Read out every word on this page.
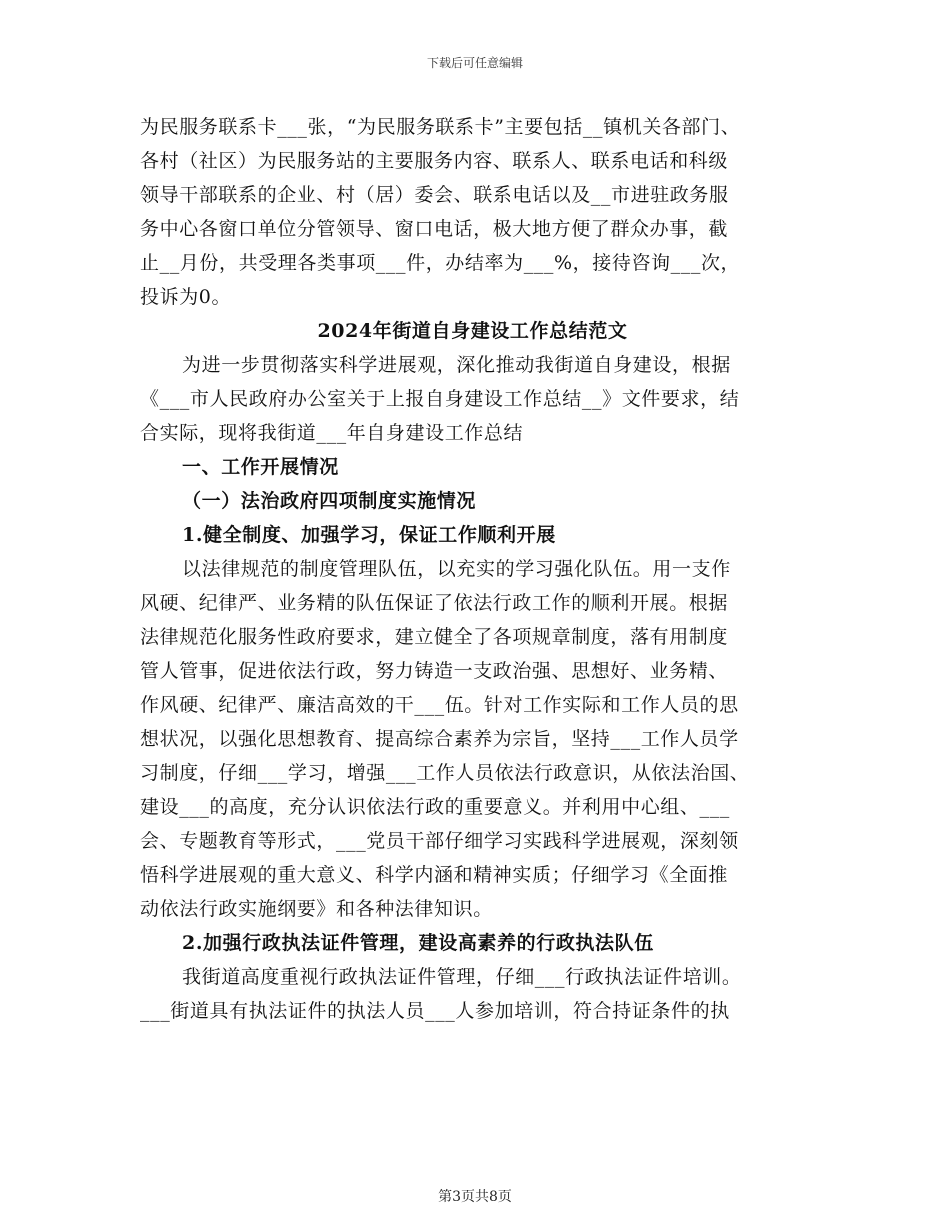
下载后可任意编辑
为民服务联系卡___张，“为民服务联系卡”主要包括__镇机关各部门、
各村（社区）为民服务站的主要服务内容、联系人、联系电话和科级
领导干部联系的企业、村（居）委会、联系电话以及__市进驻政务服
务中心各窗口单位分管领导、窗口电话，极大地方便了群众办事，截
止__月份，共受理各类事项___件，办结率为___%，接待咨询___次，
投诉为0。
2024年街道自身建设工作总结范文
为进一步贯彻落实科学进展观，深化推动我街道自身建设，根据
《___市人民政府办公室关于上报自身建设工作总结__》文件要求，结
合实际，现将我街道___年自身建设工作总结
一、工作开展情况
（一）法治政府四项制度实施情况
1.健全制度、加强学习，保证工作顺利开展
以法律规范的制度管理队伍，以充实的学习强化队伍。用一支作
风硬、纪律严、业务精的队伍保证了依法行政工作的顺利开展。根据
法律规范化服务性政府要求，建立健全了各项规章制度，落有用制度
管人管事，促进依法行政，努力铸造一支政治强、思想好、业务精、
作风硬、纪律严、廉洁高效的干___伍。针对工作实际和工作人员的思
想状况，以强化思想教育、提高综合素养为宗旨，坚持___工作人员学
习制度，仔细___学习，增强___工作人员依法行政意识，从依法治国、
建设___的高度，充分认识依法行政的重要意义。并利用中心组、___
会、专题教育等形式，___党员干部仔细学习实践科学进展观，深刻领
悟科学进展观的重大意义、科学内涵和精神实质；仔细学习《全面推
动依法行政实施纲要》和各种法律知识。
2.加强行政执法证件管理，建设高素养的行政执法队伍
我街道高度重视行政执法证件管理，仔细___行政执法证件培训。
___街道具有执法证件的执法人员___人参加培训，符合持证条件的执
第3页共8页
